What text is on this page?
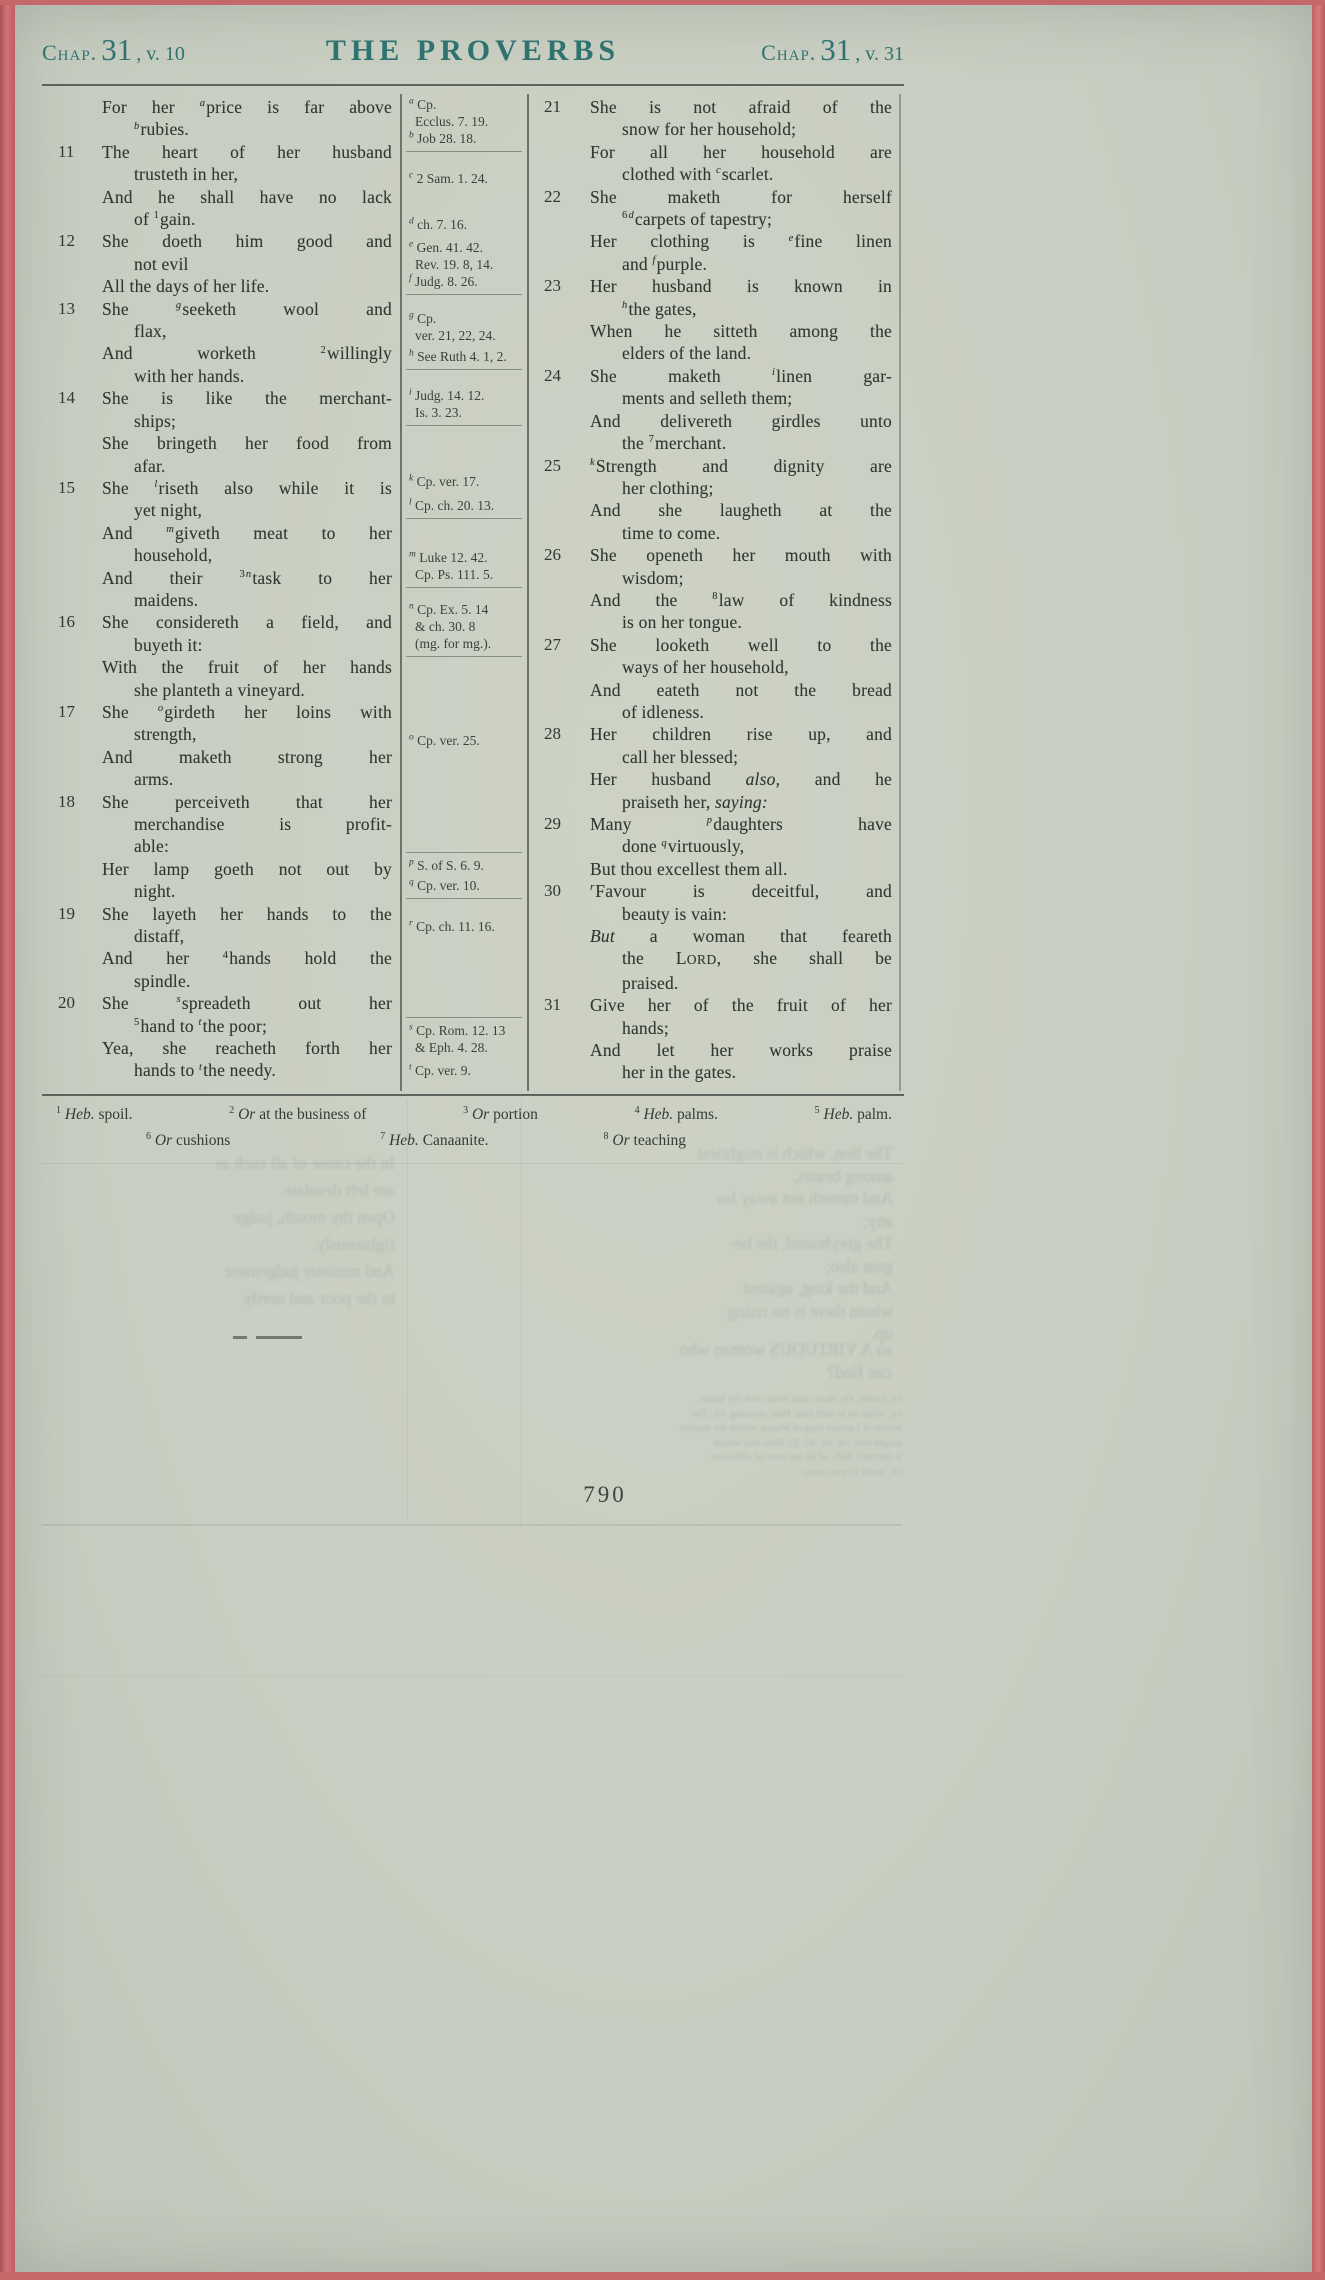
Chap. 31 , v. 10	THE PROVERBS	Chap. 31 , v. 31
For her $^a$price is far above
$^b$rubies.
11 The heart of her husband
trusteth in her,
And he shall have no lack
of $^1$gain.
12 She doeth him good and
not evil
All the days of her life.
13 She $^g$seeketh wool and
flax,
And worketh $^2$willingly
with her hands.
14 She is like the merchant-
ships;
She bringeth her food from
afar.
15 She $^l$riseth also while it is
yet night,
And $^m$giveth meat to her
household,
And their $^{3n}$task to her
maidens.
16 She considereth a field, and
buyeth it:
With the fruit of her hands
she planteth a vineyard.
17 She $^o$girdeth her loins with
strength,
And maketh strong her
arms.
18 She perceiveth that her
merchandise is profit-
able:
Her lamp goeth not out by
night.
19 She layeth her hands to the
distaff,
And her $^4$hands hold the
spindle.
20 She $^s$spreadeth out her
$^5$hand to $^t$the poor;
Yea, she reacheth forth her
hands to $^t$the needy.
$^a$ Cp.
Ecclus. 7. 19.
$^b$ Job 28. 18.
$^c$ 2 Sam. 1. 24.
$^d$ ch. 7. 16.
$^e$ Gen. 41. 42.
Rev. 19. 8, 14.
$^f$ Judg. 8. 26.
$^g$ Cp.
ver. 21, 22, 24.
$^h$ See Ruth 4. 1, 2.
$^i$ Judg. 14. 12.
Is. 3. 23.
$^k$ Cp. ver. 17.
$^l$ Cp. ch. 20. 13.
$^m$ Luke 12. 42.
Cp. Ps. 111. 5.
$^n$ Cp. Ex. 5. 14
& ch. 30. 8
(mg. for mg.).
$^o$ Cp. ver. 25.
$^p$ S. of S. 6. 9.
$^q$ Cp. ver. 10.
$^r$ Cp. ch. 11. 16.
$^s$ Cp. Rom. 12. 13
& Eph. 4. 28.
$^t$ Cp. ver. 9.
21 She is not afraid of the
snow for her household;
For all her household are
clothed with $^c$scarlet.
22 She maketh for herself
$^{6d}$carpets of tapestry;
Her clothing is $^e$fine linen
and $^f$purple.
23 Her husband is known in
$^h$the gates,
When he sitteth among the
elders of the land.
24 She maketh $^i$linen gar-
ments and selleth them;
And delivereth girdles unto
the $^7$merchant.
25	$^k$Strength and dignity are
her clothing;
And she laugheth at the
time to come.
26 She openeth her mouth with
wisdom;
And the $^8$law of kindness
is on her tongue.
27 She looketh well to the
ways of her household,
And eateth not the bread
of idleness.
28 Her children rise up, and
call her blessed;
Her husband also, and he
praiseth her, saying:
29 Many $^p$daughters have
done $^q$virtuously,
But thou excellest them all.
30	$^r$Favour is deceitful, and
beauty is vain:
But a woman that feareth
the LORD, she shall be
praised.
31 Give her of the fruit of her
hands;
And let her works praise
her in the gates.
$^1$ Heb. spoil.	$^2$ Or at the business of	$^3$ Or portion	$^4$ Heb. palms.	$^5$ Heb. palm.
$^6$ Or cushions	$^7$ Heb. Canaanite.	$^8$ Or teaching
790
In the cause of all such as
are left desolate.
Open thy mouth, judge
righteously,
And minister judgement
to the poor and needy.
The lion, which is mightiest
among beasts,
And turneth not away for
any;
The greyhound; the he-
goat also;
And the king, against
whom there is no rising
up.
so A VIRTUOUS woman who
can find?
Or, Under. Or, thou canst seize with thy hands.
Or, when he is with him. Heb. pressing. Or, The
words of Lemuel king of Massa, which his mother
taught him. Or, ch. 30. 32. Heb. that which
is decreed. Heb. of all the sons of affliction.
Or, ready to pass away.
